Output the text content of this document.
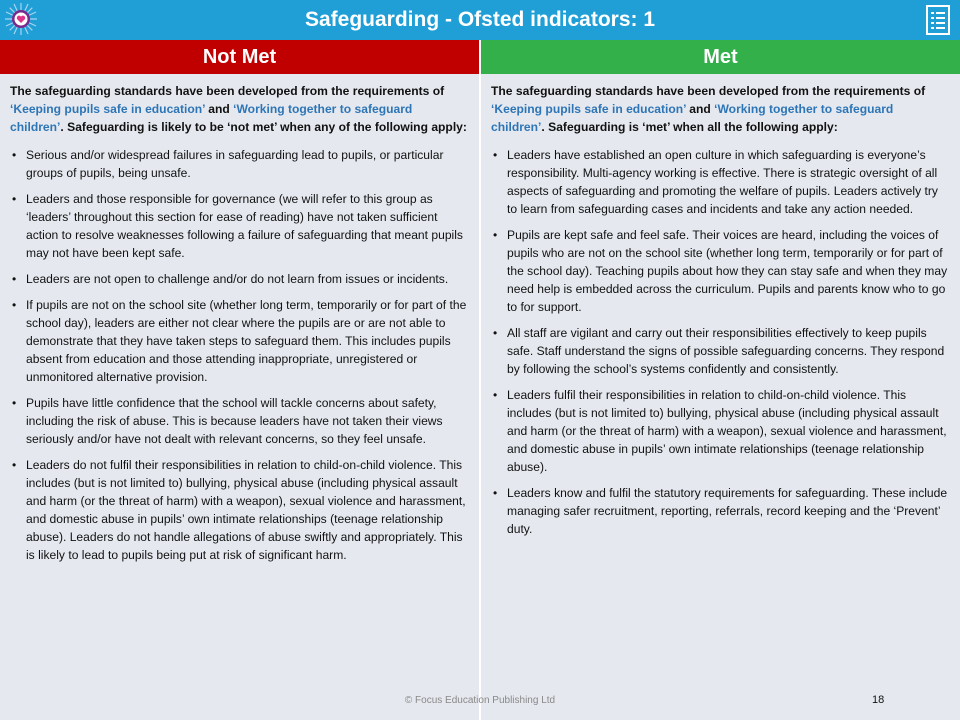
Safeguarding - Ofsted indicators: 1
Not Met	Met

The safeguarding standards have been developed from the requirements of ‘Keeping pupils safe in education’ and ‘Working together to safeguard children’. Safeguarding is likely to be ‘not met’ when any of the following apply:

• Serious and/or widespread failures in safeguarding lead to pupils, or particular groups of pupils, being unsafe.
• Leaders and those responsible for governance (we will refer to this group as ‘leaders’ throughout this section for ease of reading) have not taken sufficient action to resolve weaknesses following a failure of safeguarding that meant pupils may not have been kept safe.
• Leaders are not open to challenge and/or do not learn from issues or incidents.
• If pupils are not on the school site (whether long term, temporarily or for part of the school day), leaders are either not clear where the pupils are or are not able to demonstrate that they have taken steps to safeguard them. This includes pupils absent from education and those attending inappropriate, unregistered or unmonitored alternative provision.
• Pupils have little confidence that the school will tackle concerns about safety, including the risk of abuse. This is because leaders have not taken their views seriously and/or have not dealt with relevant concerns, so they feel unsafe.
• Leaders do not fulfil their responsibilities in relation to child-on-child violence. This includes (but is not limited to) bullying, physical abuse (including physical assault and harm (or the threat of harm) with a weapon), sexual violence and harassment, and domestic abuse in pupils’ own intimate relationships (teenage relationship abuse). Leaders do not handle allegations of abuse swiftly and appropriately. This is likely to lead to pupils being put at risk of significant harm.

The safeguarding standards have been developed from the requirements of ‘Keeping pupils safe in education’ and ‘Working together to safeguard children’. Safeguarding is ‘met’ when all the following apply:

• Leaders have established an open culture in which safeguarding is everyone’s responsibility. Multi-agency working is effective. There is strategic oversight of all aspects of safeguarding and promoting the welfare of pupils. Leaders actively try to learn from safeguarding cases and incidents and take any action needed.
• Pupils are kept safe and feel safe. Their voices are heard, including the voices of pupils who are not on the school site (whether long term, temporarily or for part of the school day). Teaching pupils about how they can stay safe and when they may need help is embedded across the curriculum. Pupils and parents know who to go to for support.
• All staff are vigilant and carry out their responsibilities effectively to keep pupils safe. Staff understand the signs of possible safeguarding concerns. They respond by following the school’s systems confidently and consistently.
• Leaders fulfil their responsibilities in relation to child-on-child violence. This includes (but is not limited to) bullying, physical abuse (including physical assault and harm (or the threat of harm) with a weapon), sexual violence and harassment, and domestic abuse in pupils’ own intimate relationships (teenage relationship abuse).
• Leaders know and fulfil the statutory requirements for safeguarding. These include managing safer recruitment, reporting, referrals, record keeping and the ‘Prevent’ duty.
© Focus Education Publishing Ltd	18
